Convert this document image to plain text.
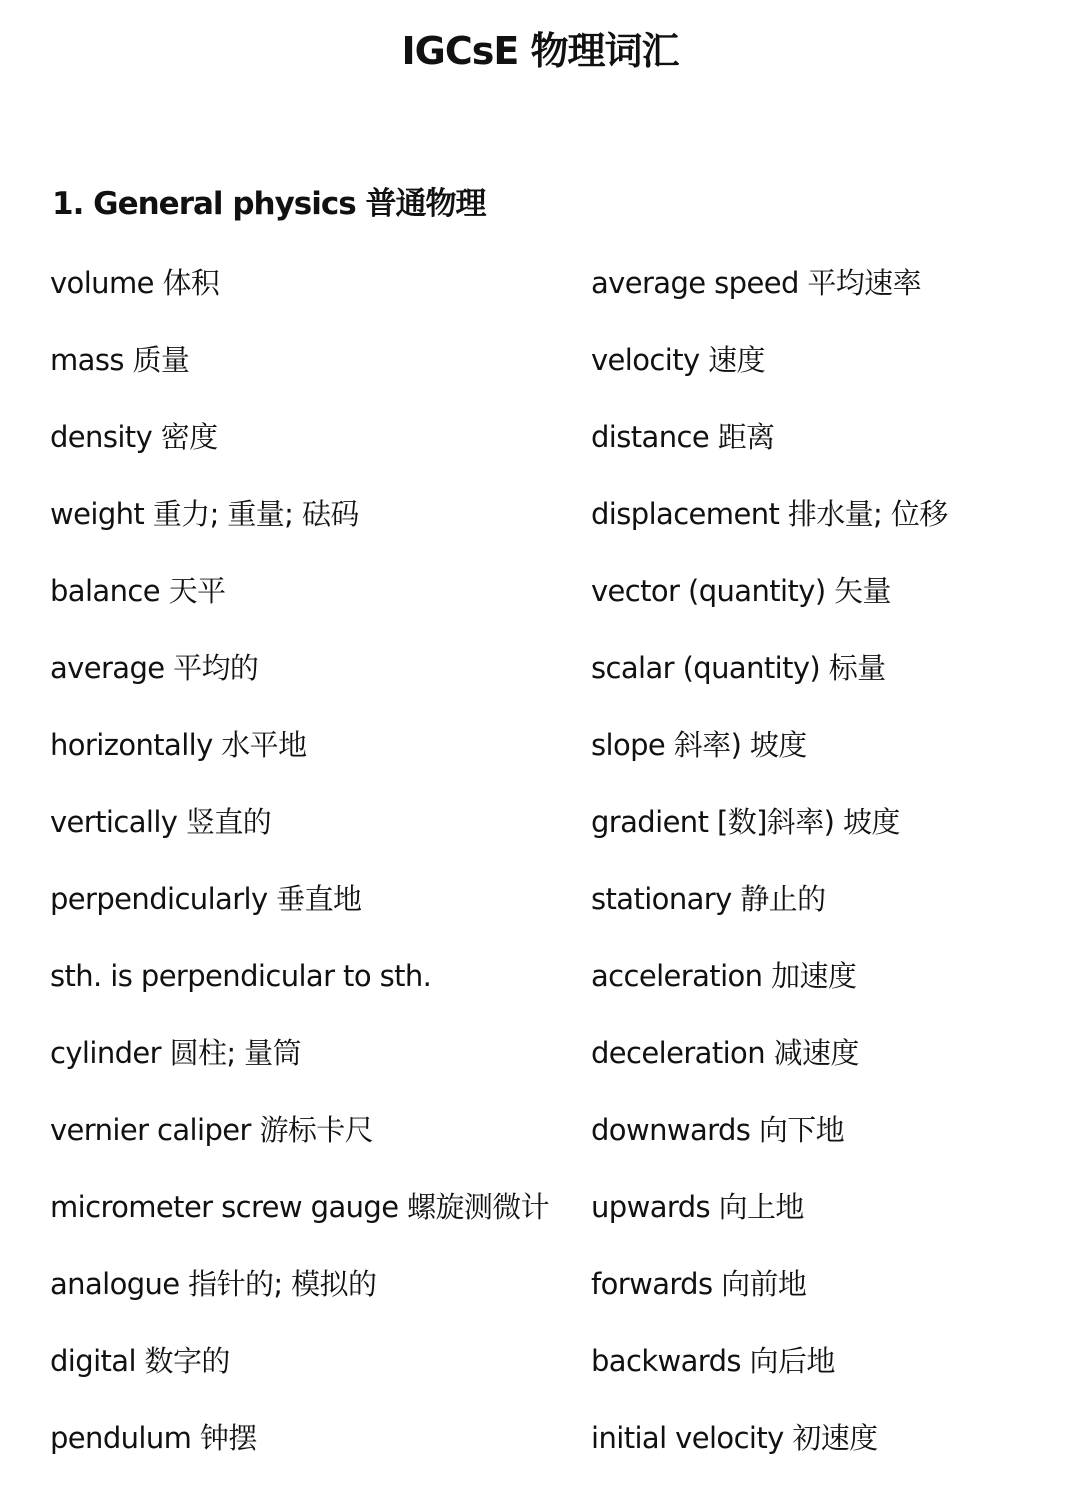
IGCsE 物理词汇
1. General physics 普通物理
volume 体积	average speed 平均速率
mass 质量	velocity 速度
density 密度	distance 距离
weight 重力; 重量; 砝码	displacement 排水量; 位移
balance 天平	vector (quantity) 矢量
average 平均的	scalar (quantity) 标量
horizontally 水平地	slope 斜率) 坡度
vertically 竖直的	gradient [数]斜率) 坡度
perpendicularly 垂直地	stationary 静止的
sth. is perpendicular to sth.	acceleration 加速度
cylinder 圆柱; 量筒	deceleration 减速度
vernier caliper 游标卡尺	downwards 向下地
micrometer screw gauge 螺旋测微计	upwards 向上地
analogue 指针的; 模拟的	forwards 向前地
digital 数字的	backwards 向后地
pendulum 钟摆	initial velocity 初速度
